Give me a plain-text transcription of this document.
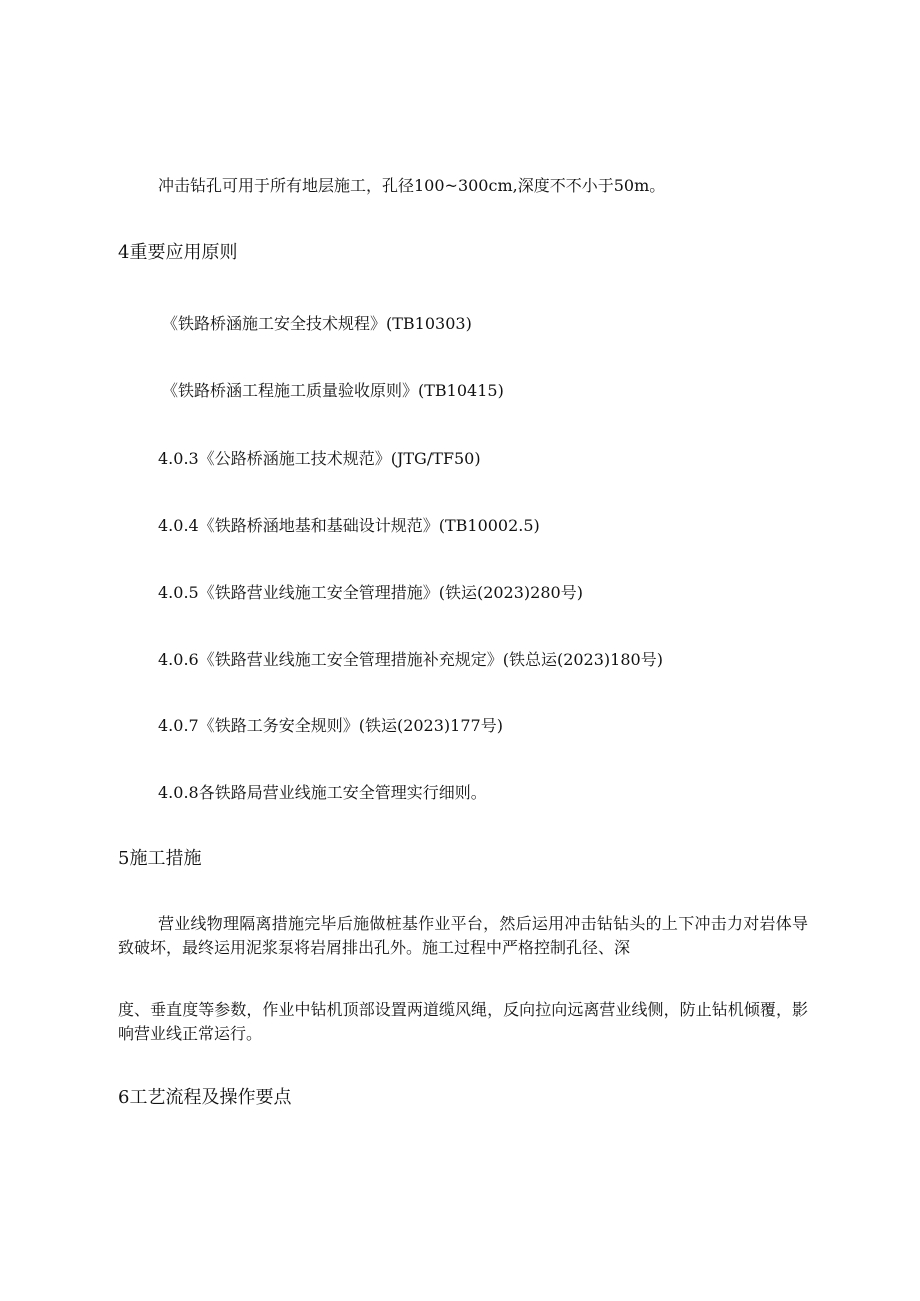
冲击钻孔可用于所有地层施工，孔径100~300cm,深度不不小于50m。

4重要应用原则

《铁路桥涵施工安全技术规程》(TB10303)

《铁路桥涵工程施工质量验收原则》(TB10415)

4.0.3《公路桥涵施工技术规范》(JTG/TF50)

4.0.4《铁路桥涵地基和基础设计规范》(TB10002.5)

4.0.5《铁路营业线施工安全管理措施》(铁运(2023)280号)

4.0.6《铁路营业线施工安全管理措施补充规定》(铁总运(2023)180号)

4.0.7《铁路工务安全规则》(铁运(2023)177号)

4.0.8各铁路局营业线施工安全管理实行细则。

5施工措施

营业线物理隔离措施完毕后施做桩基作业平台，然后运用冲击钻钻头的上下冲击力对岩体导致破坏，最终运用泥浆泵将岩屑排出孔外。施工过程中严格控制孔径、深

度、垂直度等参数，作业中钻机顶部设置两道缆风绳，反向拉向远离营业线侧，防止钻机倾覆，影响营业线正常运行。

6工艺流程及操作要点
